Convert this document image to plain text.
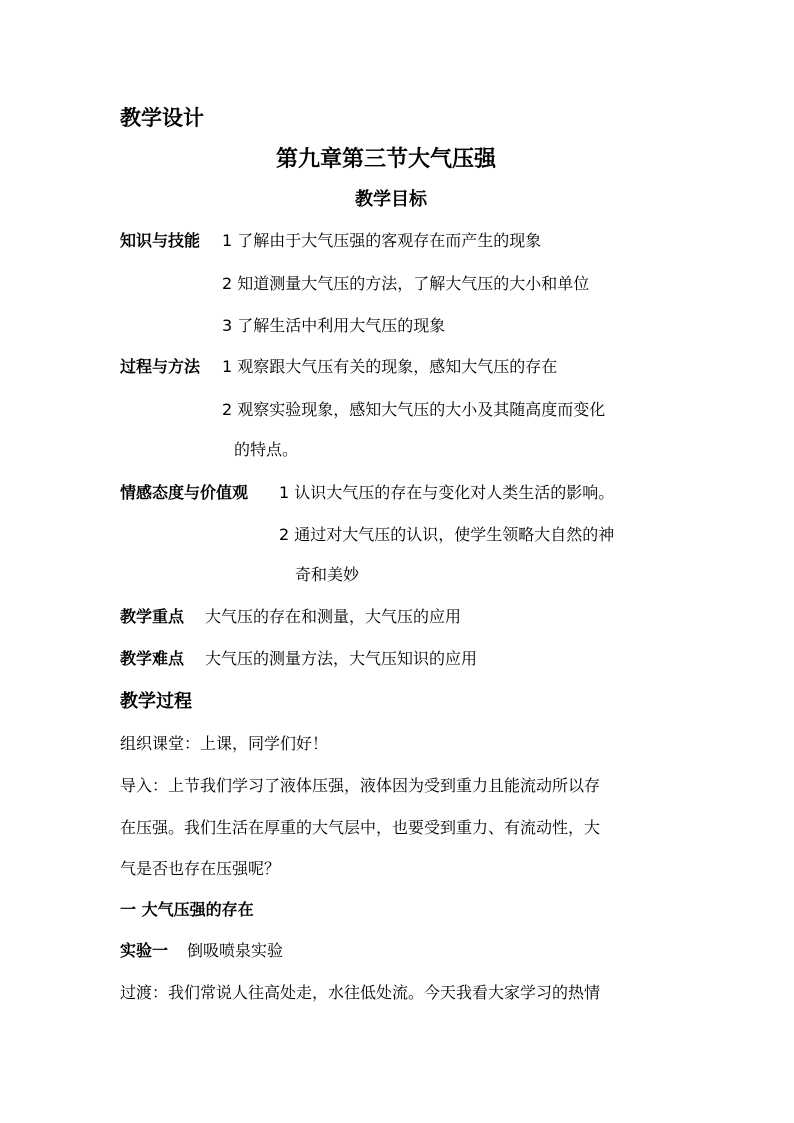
教学设计
第九章第三节大气压强
教学目标
知识与技能 1 了解由于大气压强的客观存在而产生的现象
2 知道测量大气压的方法，了解大气压的大小和单位
3 了解生活中利用大气压的现象
过程与方法 1 观察跟大气压有关的现象，感知大气压的存在
2 观察实验现象，感知大气压的大小及其随高度而变化
的特点。
情感态度与价值观 1 认识大气压的存在与变化对人类生活的影响。
2 通过对大气压的认识，使学生领略大自然的神
奇和美妙
教学重点 大气压的存在和测量，大气压的应用
教学难点 大气压的测量方法，大气压知识的应用
教学过程
组织课堂：上课，同学们好！
导入：上节我们学习了液体压强，液体因为受到重力且能流动所以存
在压强。我们生活在厚重的大气层中，也要受到重力、有流动性，大
气是否也存在压强呢？
一 大气压强的存在
实验一 倒吸喷泉实验
过渡：我们常说人往高处走，水往低处流。今天我看大家学习的热情
